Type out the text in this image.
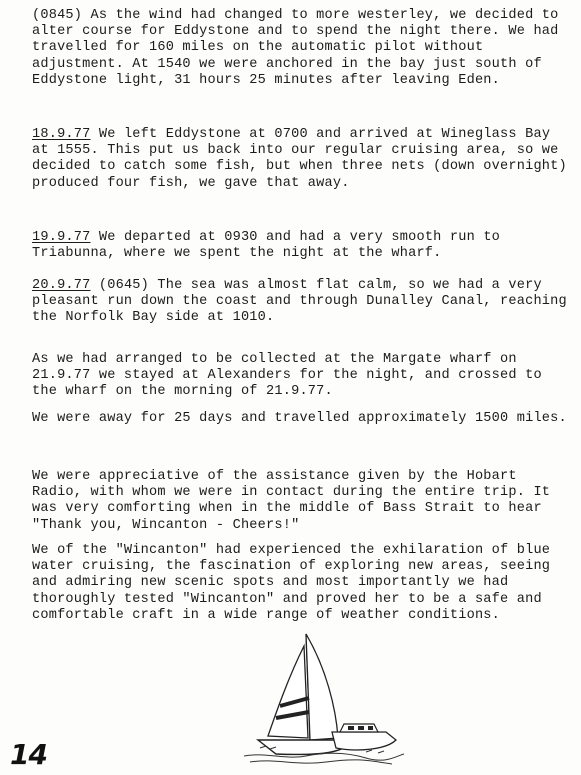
(0845) As the wind had changed to more westerley, we decided to alter course for Eddystone and to spend the night there. We had travelled for 160 miles on the automatic pilot without adjustment. At 1540 we were anchored in the bay just south of Eddystone light, 31 hours 25 minutes after leaving Eden.

18.9.77 We left Eddystone at 0700 and arrived at Wineglass Bay at 1555. This put us back into our regular cruising area, so we decided to catch some fish, but when three nets (down overnight) produced four fish, we gave that away.

19.9.77 We departed at 0930 and had a very smooth run to Triabunna, where we spent the night at the wharf.

20.9.77 (0645) The sea was almost flat calm, so we had a very pleasant run down the coast and through Dunalley Canal, reaching the Norfolk Bay side at 1010.

As we had arranged to be collected at the Margate wharf on 21.9.77 we stayed at Alexanders for the night, and crossed to the wharf on the morning of 21.9.77.

We were away for 25 days and travelled approximately 1500 miles.

We were appreciative of the assistance given by the Hobart Radio, with whom we were in contact during the entire trip. It was very comforting when in the middle of Bass Strait to hear "Thank you, Wincanton - Cheers!"

We of the "Wincanton" had experienced the exhilaration of blue water cruising, the fascination of exploring new areas, seeing and admiring new scenic spots and most importantly we had thoroughly tested "Wincanton" and proved her to be a safe and comfortable craft in a wide range of weather conditions.

14
